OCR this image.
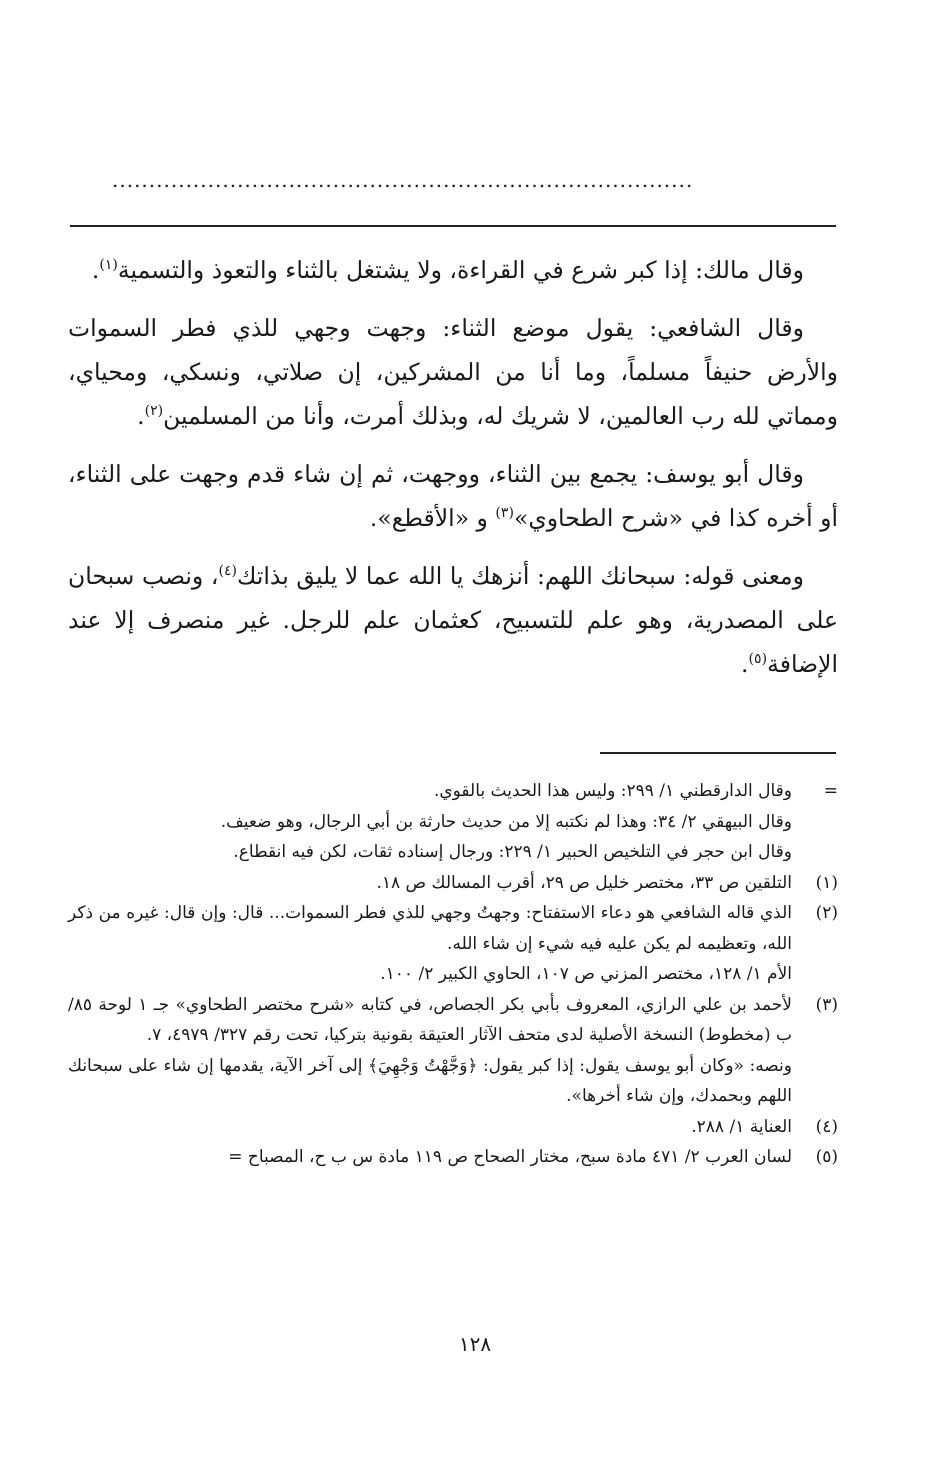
...............................................................................

وقال مالك: إذا كبر شرع في القراءة، ولا يشتغل بالثناء والتعوذ والتسمية$^{(١)}$.

وقال الشافعي: يقول موضع الثناء: وجهت وجهي للذي فطر السموات والأرض حنيفاً مسلماً، وما أنا من المشركين، إن صلاتي، ونسكي، ومحياي، ومماتي لله رب العالمين، لا شريك له، وبذلك أمرت، وأنا من المسلمين$^{(٢)}$.

وقال أبو يوسف: يجمع بين الثناء، ووجهت، ثم إن شاء قدم وجهت على الثناء، أو أخره كذا في «شرح الطحاوي»$^{(٣)}$ و «الأقطع».

ومعنى قوله: سبحانك اللهم: أنزهك يا الله عما لا يليق بذاتك$^{(٤)}$، ونصب سبحان على المصدرية، وهو علم للتسبيح، كعثمان علم للرجل. غير منصرف إلا عند الإضافة$^{(٥)}$.

=
وقال الدارقطني ١/ ٢٩٩: وليس هذا الحديث بالقوي.
وقال البيهقي ٢/ ٣٤: وهذا لم نكتبه إلا من حديث حارثة بن أبي الرجال، وهو ضعيف.
وقال ابن حجر في التلخيص الحبير ١/ ٢٢٩: ورجال إسناده ثقات، لكن فيه انقطاع.
(١)
التلقين ص ٣٣، مختصر خليل ص ٢٩، أقرب المسالك ص ١٨.
(٢)
الذي قاله الشافعي هو دعاء الاستفتاح: وجهتُ وجهي للذي فطر السموات... قال: وإن قال: غيره من ذكر الله، وتعظيمه لم يكن عليه فيه شيء إن شاء الله.
الأم ١/ ١٢٨، مختصر المزني ص ١٠٧، الحاوي الكبير ٢/ ١٠٠.
(٣)
لأحمد بن علي الرازي، المعروف بأبي بكر الجصاص، في كتابه «شرح مختصر الطحاوي» جـ ١ لوحة ٨٥/ب (مخطوط) النسخة الأصلية لدى متحف الآثار العتيقة بقونية بتركيا، تحت رقم ٣٢٧/ ٤٩٧٩، ٧.
ونصه: «وكان أبو يوسف يقول: إذا كبر يقول: ﴿وَجَّهْتُ وَجْهِيَ﴾ إلى آخر الآية، يقدمها إن شاء على سبحانك اللهم وبحمدك، وإن شاء أخرها».
(٤)
العناية ١/ ٢٨٨.
(٥)
لسان العرب ٢/ ٤٧١ مادة سبح، مختار الصحاح ص ١١٩ مادة س ب ح، المصباح =
١٢٨
